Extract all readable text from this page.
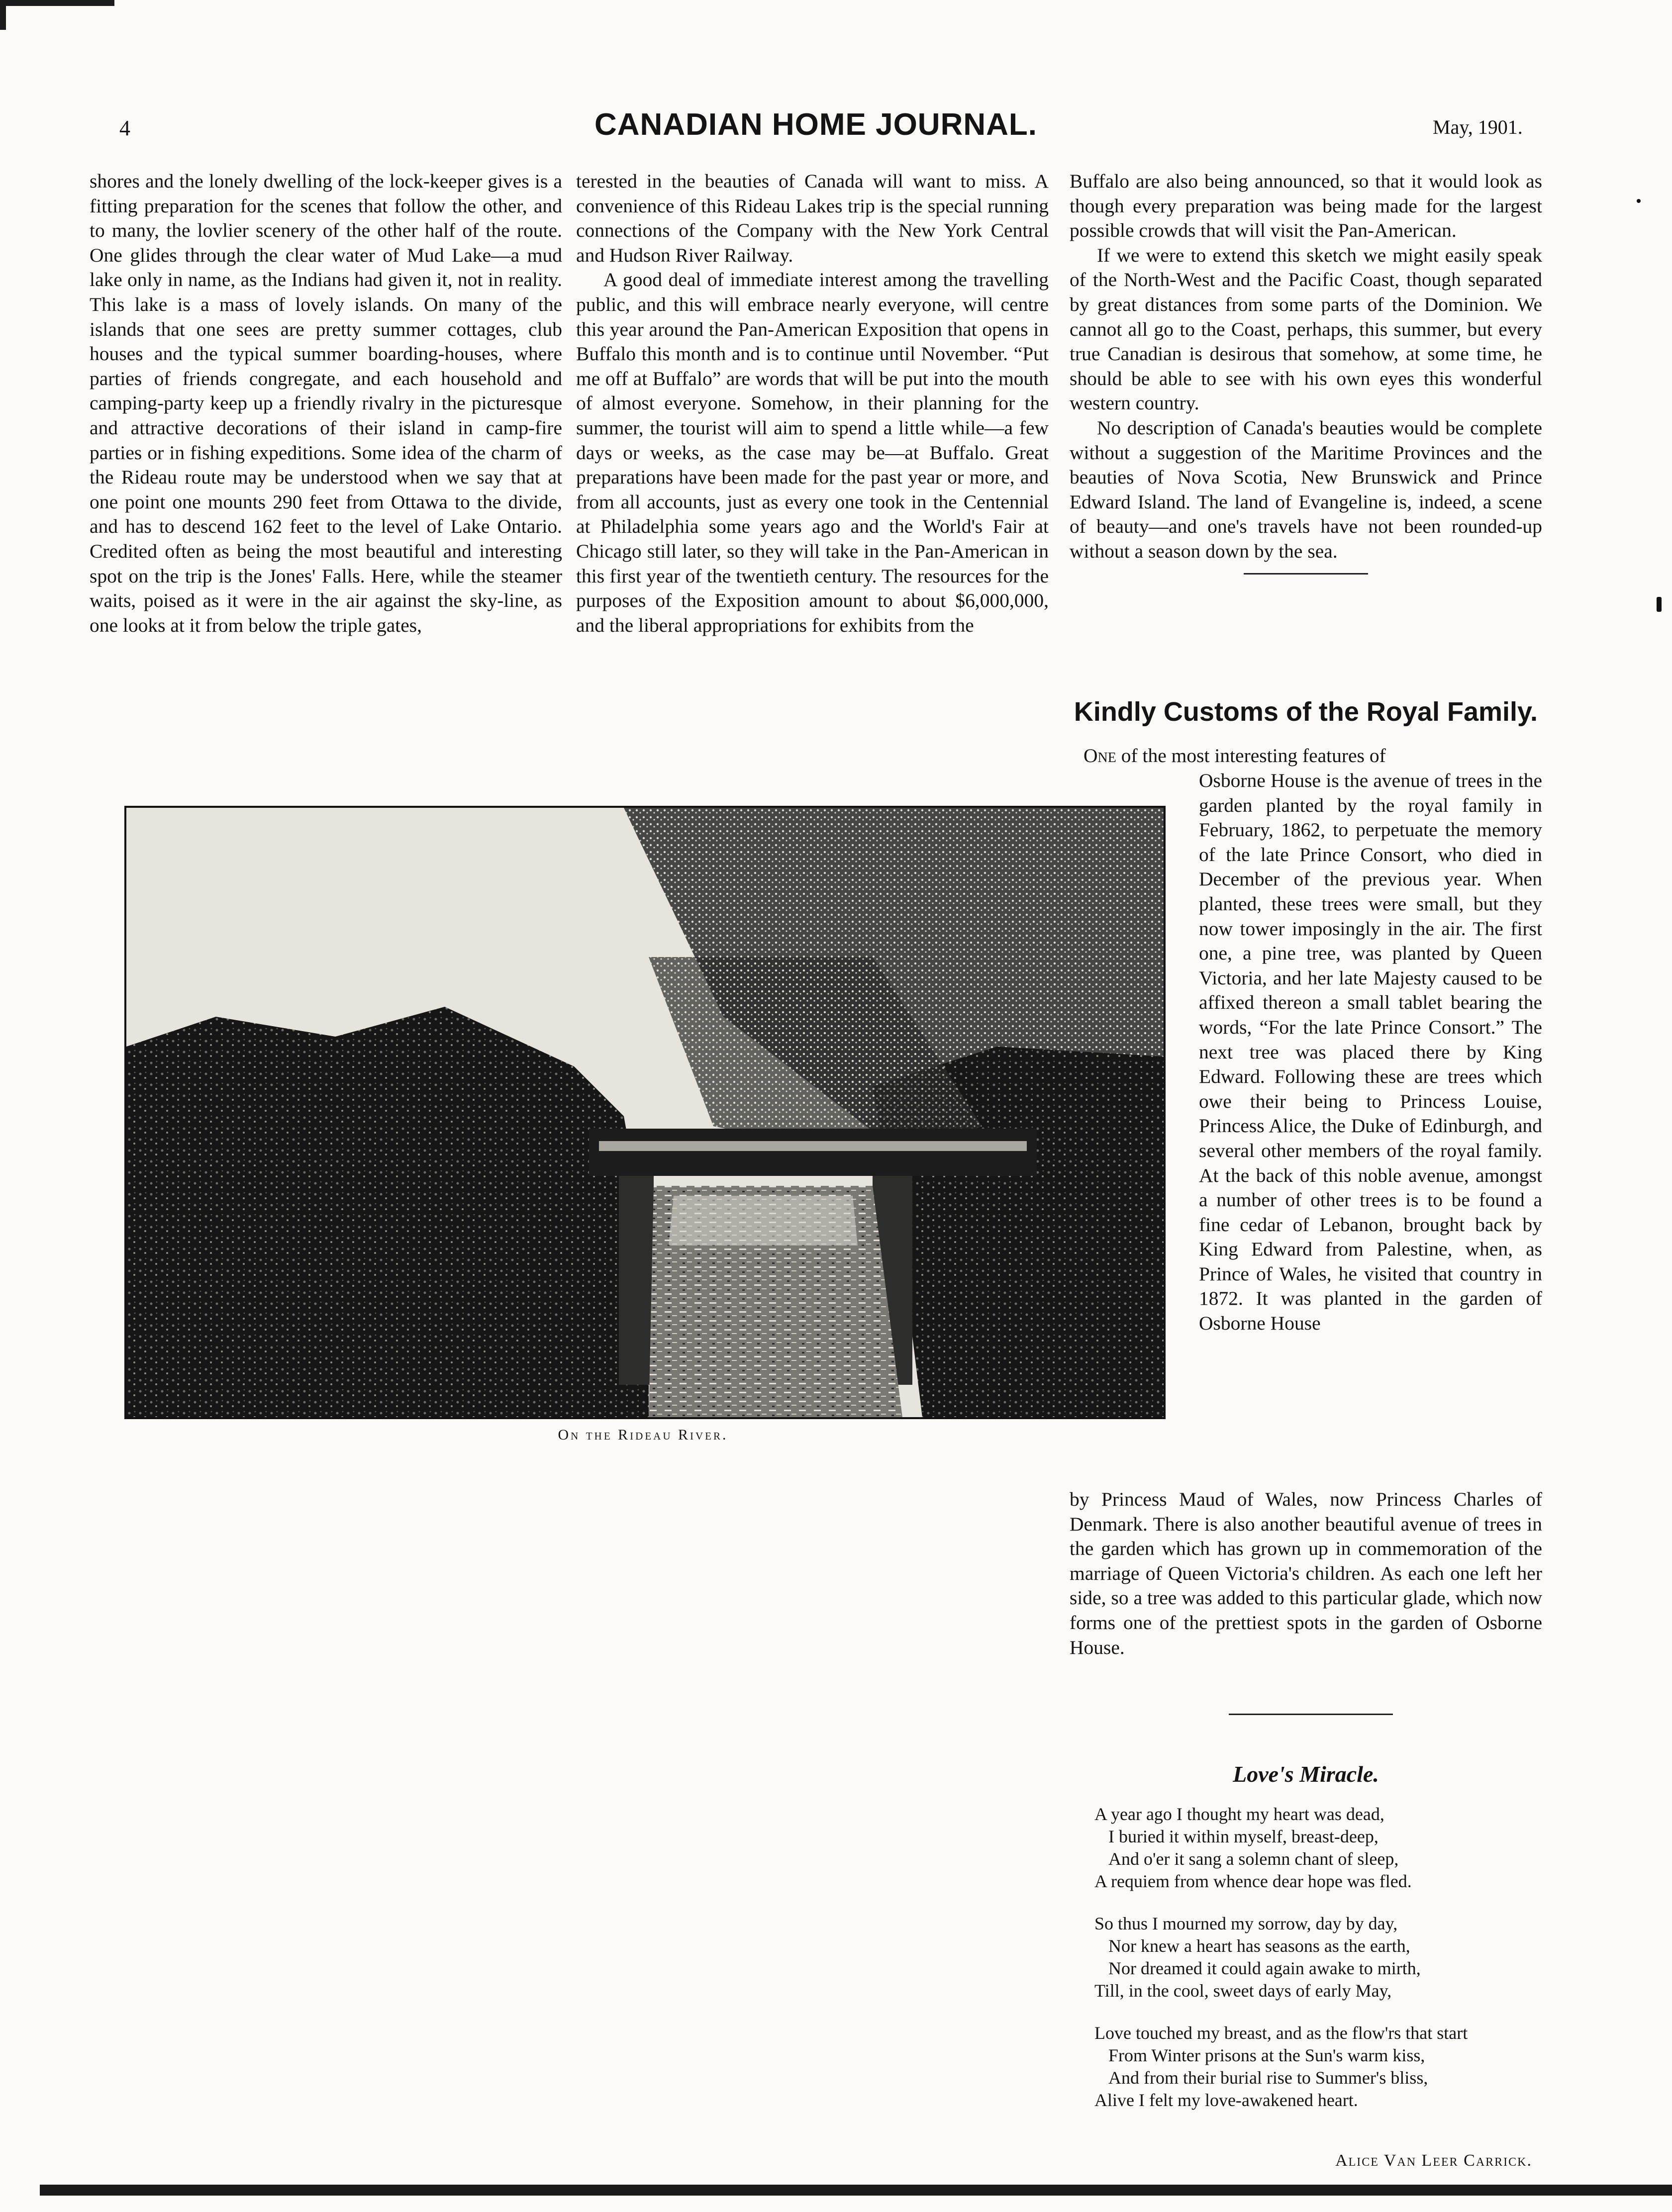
4	CANADIAN HOME JOURNAL.	May, 1901.

shores and the lonely dwelling of the lock-keeper gives is a fitting preparation for the scenes that follow the other, and to many, the lovlier scenery of the other half of the route. One glides through the clear water of Mud Lake—a mud lake only in name, as the Indians had given it, not in reality. This lake is a mass of lovely islands. On many of the islands that one sees are pretty summer cottages, club houses and the typical summer boarding-houses, where parties of friends congregate, and each household and camping-party keep up a friendly rivalry in the picturesque and attractive decorations of their island in camp-fire parties or in fishing expeditions. Some idea of the charm of the Rideau route may be understood when we say that at one point one mounts 290 feet from Ottawa to the divide, and has to descend 162 feet to the level of Lake Ontario. Credited often as being the most beautiful and interesting spot on the trip is the Jones' Falls. Here, while the steamer waits, poised as it were in the air against the sky-line, as one looks at it from below the triple gates,

terested in the beauties of Canada will want to miss. A convenience of this Rideau Lakes trip is the special running connections of the Company with the New York Central and Hudson River Railway.

A good deal of immediate interest among the travelling public, and this will embrace nearly everyone, will centre this year around the Pan-American Exposition that opens in Buffalo this month and is to continue until November. “Put me off at Buffalo” are words that will be put into the mouth of almost everyone. Somehow, in their planning for the summer, the tourist will aim to spend a little while—a few days or weeks, as the case may be—at Buffalo. Great preparations have been made for the past year or more, and from all accounts, just as every one took in the Centennial at Philadelphia some years ago and the World's Fair at Chicago still later, so they will take in the Pan-American in this first year of the twentieth century. The resources for the purposes of the Exposition amount to about $6,000,000, and the liberal appropriations for exhibits from the

Buffalo are also being announced, so that it would look as though every preparation was being made for the largest possible crowds that will visit the Pan-American.

If we were to extend this sketch we might easily speak of the North-West and the Pacific Coast, though separated by great distances from some parts of the Dominion. We cannot all go to the Coast, perhaps, this summer, but every true Canadian is desirous that somehow, at some time, he should be able to see with his own eyes this wonderful western country.

No description of Canada's beauties would be complete without a suggestion of the Maritime Provinces and the beauties of Nova Scotia, New Brunswick and Prince Edward Island. The land of Evangeline is, indeed, a scene of beauty—and one's travels have not been rounded-up without a season down by the sea.

Kindly Customs of the Royal Family.
One of the most interesting features of

Osborne House is the avenue of trees in the garden planted by the royal family in February, 1862, to perpetuate the memory of the late Prince Consort, who died in December of the previous year. When planted, these trees were small, but they now tower imposingly in the air. The first one, a pine tree, was planted by Queen Victoria, and her late Majesty caused to be affixed thereon a small tablet bearing the words, “For the late Prince Consort.” The next tree was placed there by King Edward. Following these are trees which owe their being to Princess Louise, Princess Alice, the Duke of Edinburgh, and several other members of the royal family. At the back of this noble avenue, amongst a number of other trees is to be found a fine cedar of Lebanon, brought back by King Edward from Palestine, when, as Prince of Wales, he visited that country in 1872. It was planted in the garden of Osborne House

by Princess Maud of Wales, now Princess Charles of Denmark. There is also another beautiful avenue of trees in the garden which has grown up in commemoration of the marriage of Queen Victoria's children. As each one left her side, so a tree was added to this particular glade, which now forms one of the prettiest spots in the garden of Osborne House.

Love's Miracle.
A year ago I thought my heart was dead,
I buried it within myself, breast-deep,
And o'er it sang a solemn chant of sleep,
A requiem from whence dear hope was fled.
So thus I mourned my sorrow, day by day,
Nor knew a heart has seasons as the earth,
Nor dreamed it could again awake to mirth,
Till, in the cool, sweet days of early May,
Love touched my breast, and as the flow'rs that start
From Winter prisons at the Sun's warm kiss,
And from their burial rise to Summer's bliss,
Alive I felt my love-awakened heart.
Alice Van Leer Carrick.
On the Rideau River.
